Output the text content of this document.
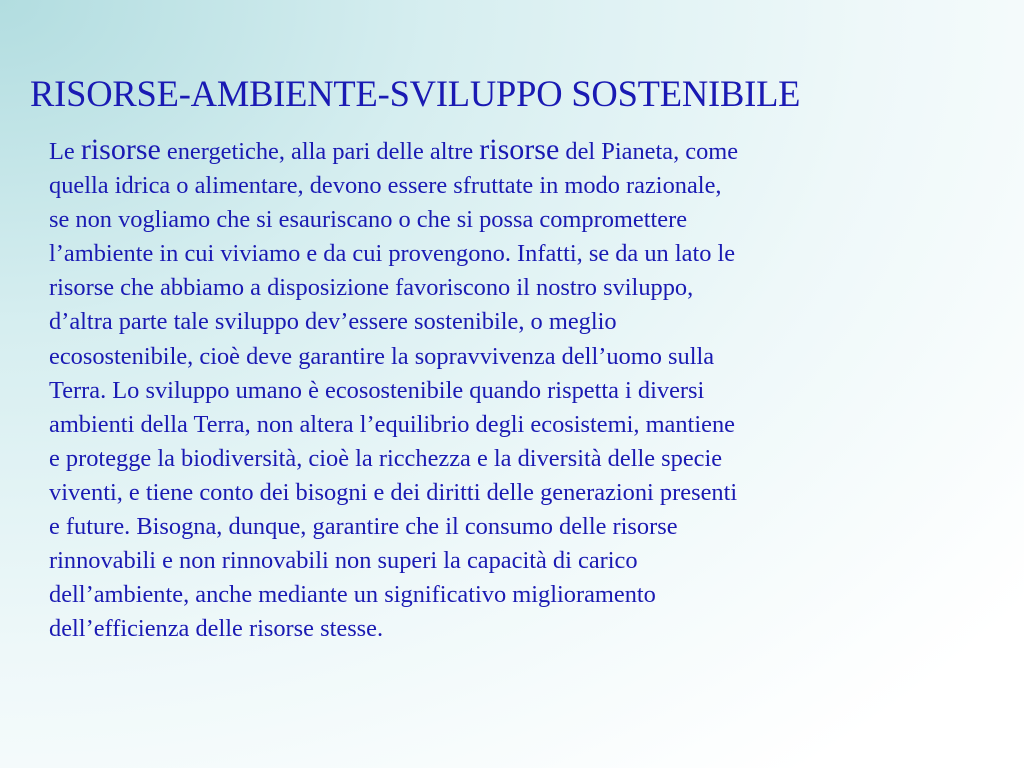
RISORSE-AMBIENTE-SVILUPPO SOSTENIBILE
Le risorse energetiche, alla pari delle altre risorse del Pianeta, come
quella idrica o alimentare, devono essere sfruttate in modo razionale,
se non vogliamo che si esauriscano o che si possa compromettere
l’ambiente in cui viviamo e da cui provengono. Infatti, se da un lato le
risorse che abbiamo a disposizione favoriscono il nostro sviluppo,
d’altra parte tale sviluppo dev’essere sostenibile, o meglio
ecosostenibile, cioè deve garantire la sopravvivenza dell’uomo sulla
Terra. Lo sviluppo umano è ecosostenibile quando rispetta i diversi
ambienti della Terra, non altera l’equilibrio degli ecosistemi, mantiene
e protegge la biodiversità, cioè la ricchezza e la diversità delle specie
viventi, e tiene conto dei bisogni e dei diritti delle generazioni presenti
e future. Bisogna, dunque, garantire che il consumo delle risorse
rinnovabili e non rinnovabili non superi la capacità di carico
dell’ambiente, anche mediante un significativo miglioramento
dell’efficienza delle risorse stesse.
